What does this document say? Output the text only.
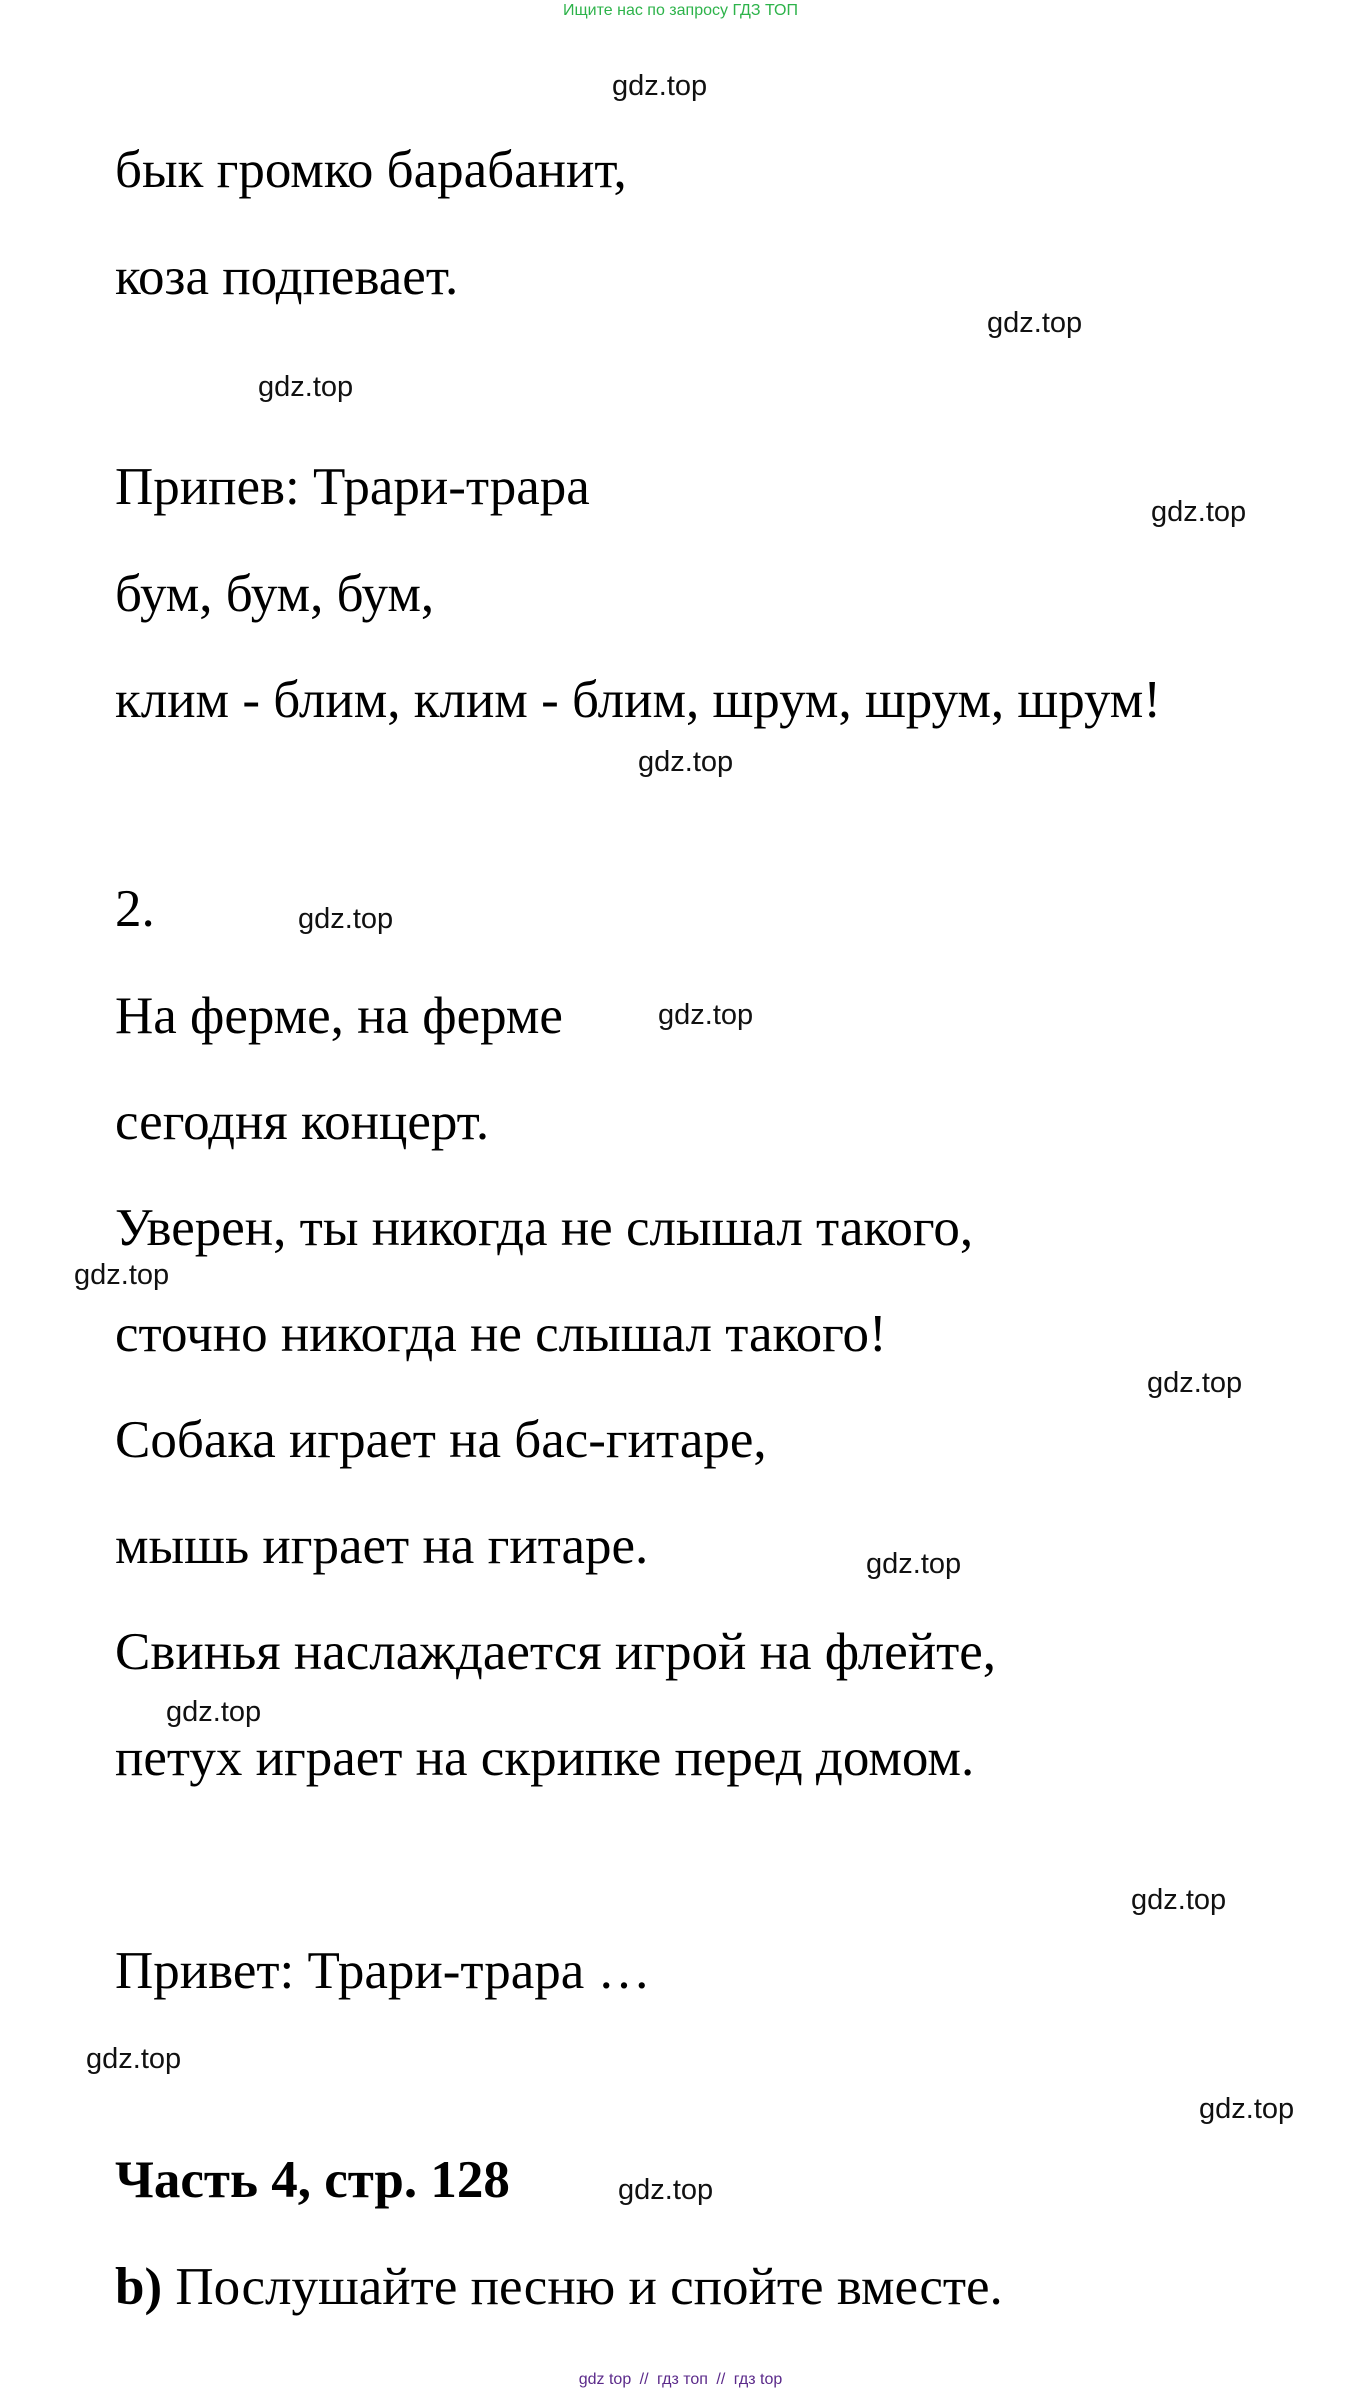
Ищите нас по запросу ГДЗ ТОП
бык громко барабанит,
коза подпевает.
Припев: Трари-трара
бум, бум, бум,
клим - блим, клим - блим, шрум, шрум, шрум!
2.
На ферме, на ферме
сегодня концерт.
Уверен, ты никогда не слышал такого,
сточно никогда не слышал такого!
Собака играет на бас-гитаре,
мышь играет на гитаре.
Свинья наслаждается игрой на флейте,
петух играет на скрипке перед домом.
Привет: Трари-трара …
Часть 4, стр. 128
b) Послушайте песню и спойте вместе.
gdz.top
gdz.top
gdz.top
gdz.top
gdz.top
gdz.top
gdz.top
gdz.top
gdz.top
gdz.top
gdz.top
gdz.top
gdz.top
gdz.top
gdz.top
gdz top // гдз топ // гдз top
